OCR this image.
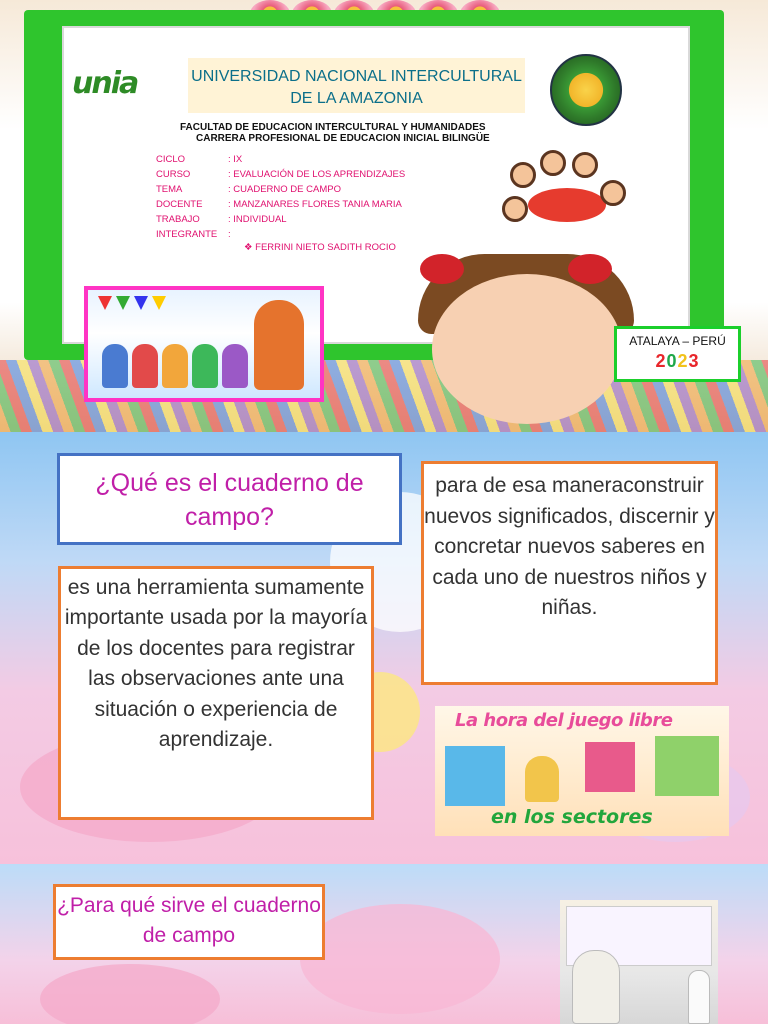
unia	UNIVERSIDAD NACIONAL INTERCULTURAL
DE LA AMAZONIA
FACULTAD DE EDUCACION INTERCULTURAL Y HUMANIDADES
CARRERA PROFESIONAL DE EDUCACION INICIAL BILINGÜE
CICLO	: IX
CURSO	: EVALUACIÓN DE LOS APRENDIZAJES
TEMA	: CUADERNO DE CAMPO
DOCENTE	: MANZANARES FLORES TANIA MARIA
TRABAJO	: INDIVIDUAL
INTEGRANTE	:
❖ FERRINI NIETO SADITH ROCIO
ATALAYA – PERÚ
2023
¿Qué es el cuaderno de campo?
es una herramienta sumamente importante usada por la mayoría de los docentes para registrar las observaciones ante una situación o experiencia de aprendizaje.
para de esa maneraconstruir nuevos significados, discernir y concretar nuevos saberes en cada uno de nuestros niños y niñas.
La hora del juego libre
en los sectores
¿Para qué sirve el cuaderno de campo
